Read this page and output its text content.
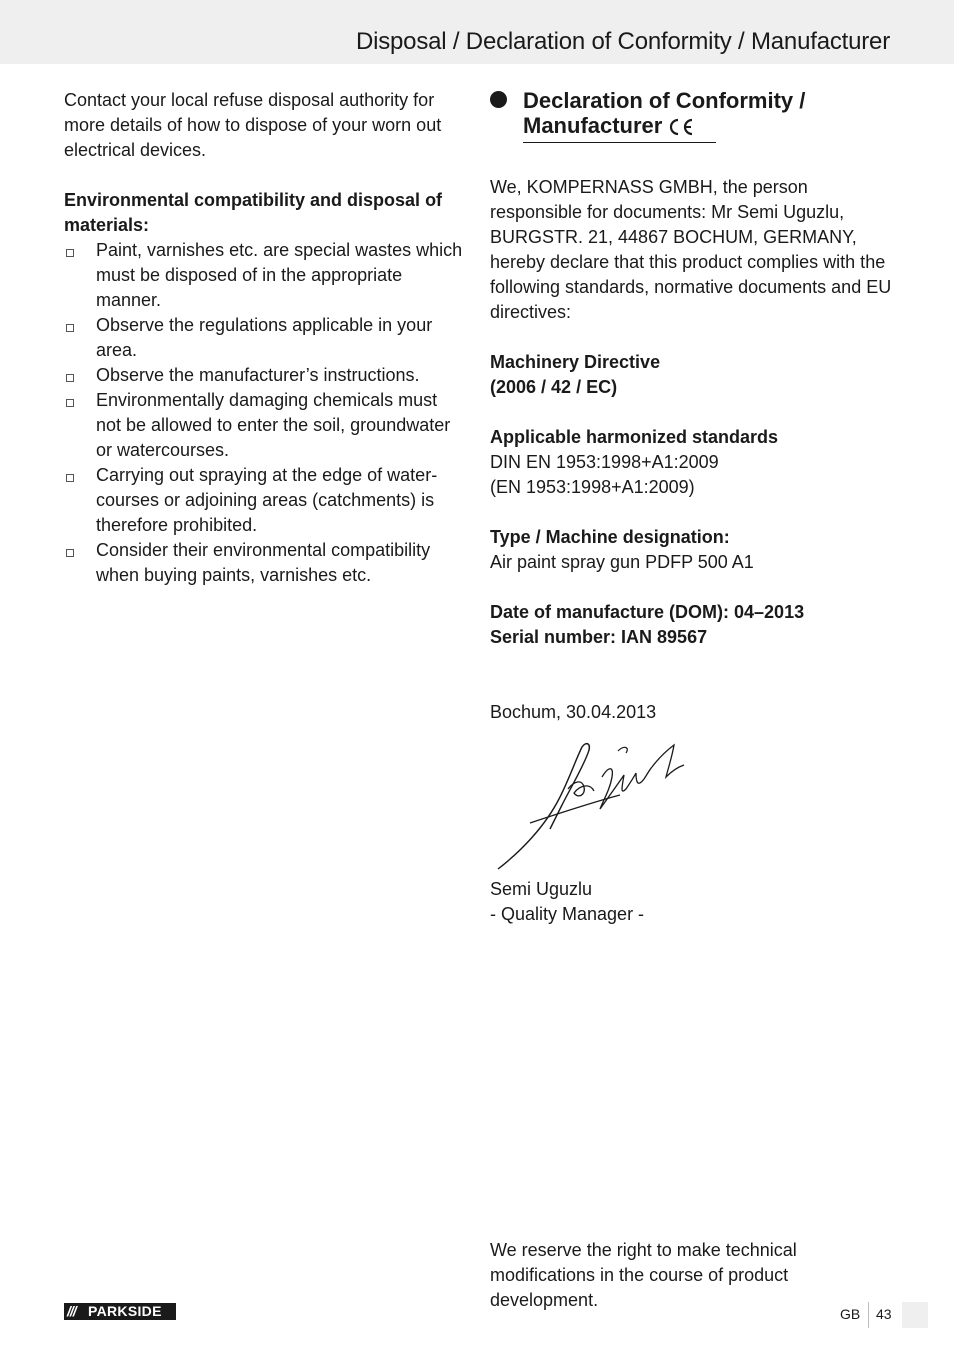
Disposal / Declaration of Conformity / Manufacturer

Contact your local refuse disposal authority for more details of how to dispose of your worn out electrical devices.

Environmental compatibility and disposal of materials:

Paint, varnishes etc. are special wastes which must be disposed of in the appropriate manner.
Observe the regulations applicable in your area.
Observe the manufacturer’s instructions.
Environmentally damaging chemicals must not be allowed to enter the soil, groundwater or watercourses.
Carrying out spraying at the edge of water-courses or adjoining areas (catchments) is therefore prohibited.
Consider their environmental compatibility when buying paints, varnishes etc.
Declaration of Conformity /
Manufacturer

We, KOMPERNASS GMBH, the person responsible for documents: Mr Semi Uguzlu, BURGSTR. 21, 44867 BOCHUM, GERMANY, hereby declare that this product complies with the following standards, normative documents and EU directives:

Machinery Directive

(2006 / 42 / EC)

Applicable harmonized standards

DIN EN 1953:1998+A1:2009

(EN 1953:1998+A1:2009)

Type / Machine designation:

Air paint spray gun PDFP 500 A1

Date of manufacture (DOM): 04–2013

Serial number: IAN 89567

Bochum, 30.04.2013

Semi Uguzlu

- Quality Manager -

We reserve the right to make technical modifications in the course of product development.

/// PARKSIDE	GB 43
